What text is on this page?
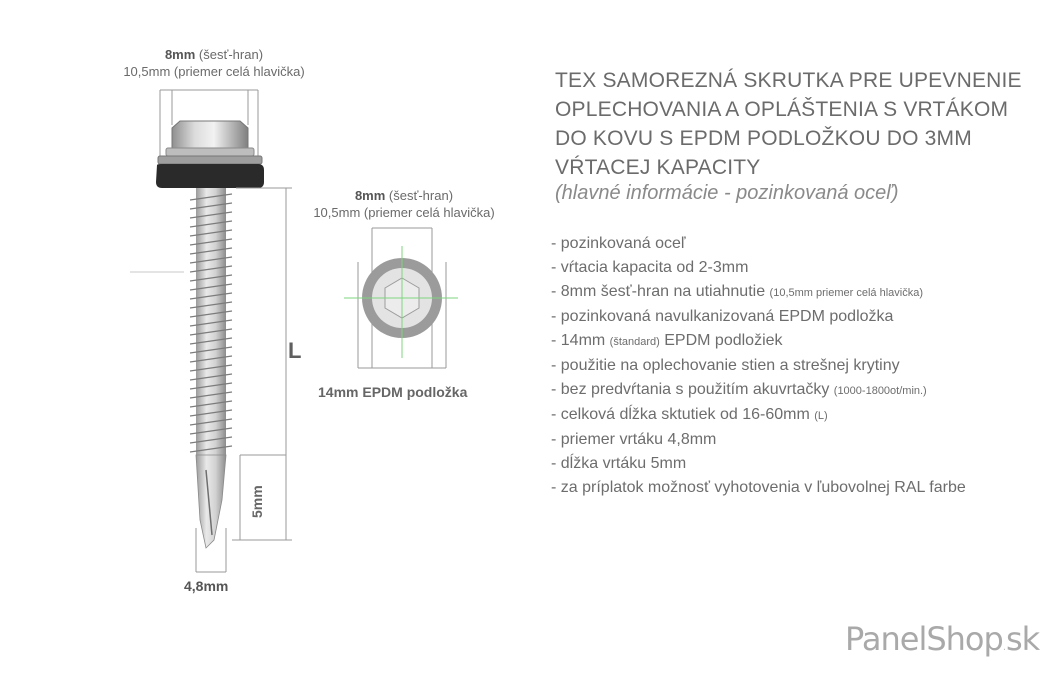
8mm (šesť-hran)
10,5mm (priemer celá hlavička)
8mm (šesť-hran)
10,5mm (priemer celá hlavička)
14mm EPDM podložka
L
5mm
4,8mm
TEX SAMOREZNÁ SKRUTKA PRE UPEVNENIE OPLECHOVANIA A OPLÁŠTENIA S VRTÁKOM DO KOVU S EPDM PODLOŽKOU DO 3MM VŔTACEJ KAPACITY
(hlavné informácie - pozinkovaná oceľ)
- pozinkovaná oceľ
- vŕtacia kapacita od 2-3mm
- 8mm šesť-hran na utiahnutie (10,5mm priemer celá hlavička)
- pozinkovaná navulkanizovaná EPDM podložka
- 14mm (štandard) EPDM podložiek
- použitie na oplechovanie stien a strešnej krytiny
- bez predvŕtania s použitím akuvrtačky (1000-1800ot/min.)
- celková dĺžka sktutiek od 16-60mm (L)
- priemer vrtáku 4,8mm
- dĺžka vrtáku 5mm
- za príplatok možnosť vyhotovenia v ľubovolnej RAL farbe
PanelShop.sk
